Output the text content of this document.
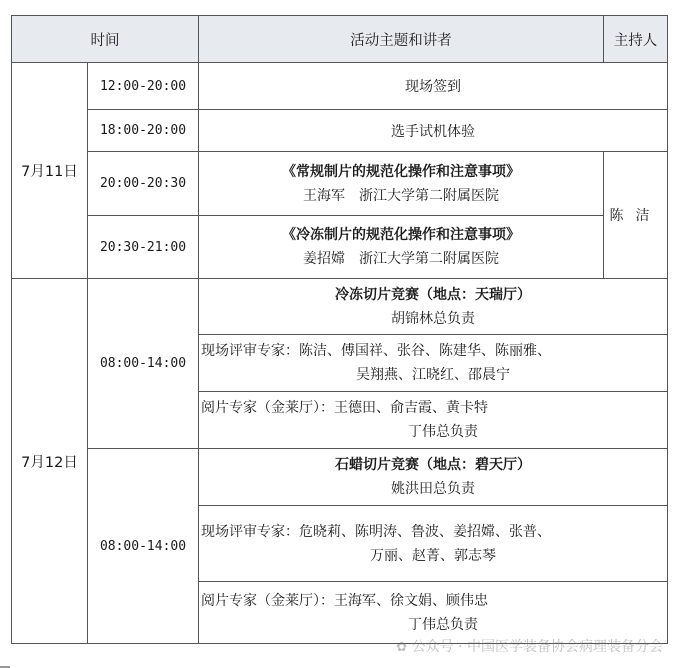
时间		活动主题和讲者	主持人
7月11日	12:00-20:00	现场签到	
	18:00-20:00	选手试机体验	
	20:00-20:30	《常规制片的规范化操作和注意事项》
王海军　浙江大学第二附属医院	陈洁
	20:30-21:00	《冷冻制片的规范化操作和注意事项》
姜招嫦　浙江大学第二附属医院	

7月12日	08:00-14:00	冷冻切片竞赛（地点：天瑞厅）
胡锦林总负责	

		现场评审专家：陈洁、傅国祥、张谷、陈建华、陈丽雅、
吴翔燕、江晓红、邵晨宁	

		阅片专家（金莱厅）：王德田、俞吉霞、黄卡特
丁伟总负责	

	08:00-14:00	石蜡切片竞赛（地点：碧天厅）
姚洪田总负责	

		现场评审专家：危晓莉、陈明涛、鲁波、姜招嫦、张普、
万丽、赵菁、郭志琴	

		阅片专家（金莱厅）：王海军、徐文娟、顾伟忠
丁伟总负责	
✿ 公众号 · 中国医学装备协会病理装备分会
